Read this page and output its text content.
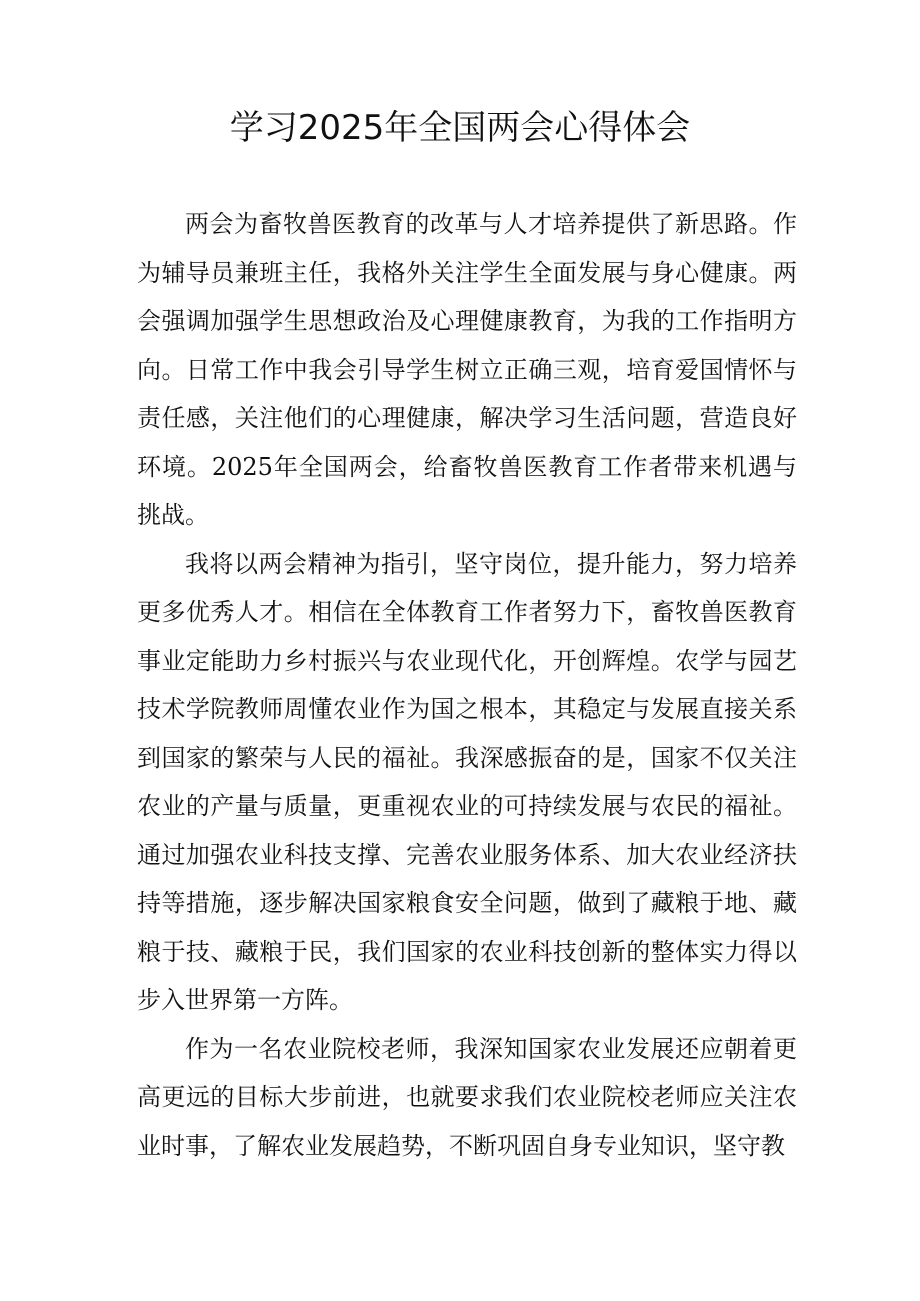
学习2025年全国两会心得体会

两会为畜牧兽医教育的改革与人才培养提供了新思路。作为辅导员兼班主任，我格外关注学生全面发展与身心健康。两会强调加强学生思想政治及心理健康教育，为我的工作指明方向。日常工作中我会引导学生树立正确三观，培育爱国情怀与责任感，关注他们的心理健康，解决学习生活问题，营造良好环境。2025年全国两会，给畜牧兽医教育工作者带来机遇与挑战。

我将以两会精神为指引，坚守岗位，提升能力，努力培养更多优秀人才。相信在全体教育工作者努力下，畜牧兽医教育事业定能助力乡村振兴与农业现代化，开创辉煌。农学与园艺技术学院教师周懂农业作为国之根本，其稳定与发展直接关系到国家的繁荣与人民的福祉。我深感振奋的是，国家不仅关注农业的产量与质量，更重视农业的可持续发展与农民的福祉。通过加强农业科技支撑、完善农业服务体系、加大农业经济扶持等措施，逐步解决国家粮食安全问题，做到了藏粮于地、藏粮于技、藏粮于民，我们国家的农业科技创新的整体实力得以步入世界第一方阵。

作为一名农业院校老师，我深知国家农业发展还应朝着更高更远的目标大步前进，也就要求我们农业院校老师应关注农业时事，了解农业发展趋势，不断巩固自身专业知识，坚守教
